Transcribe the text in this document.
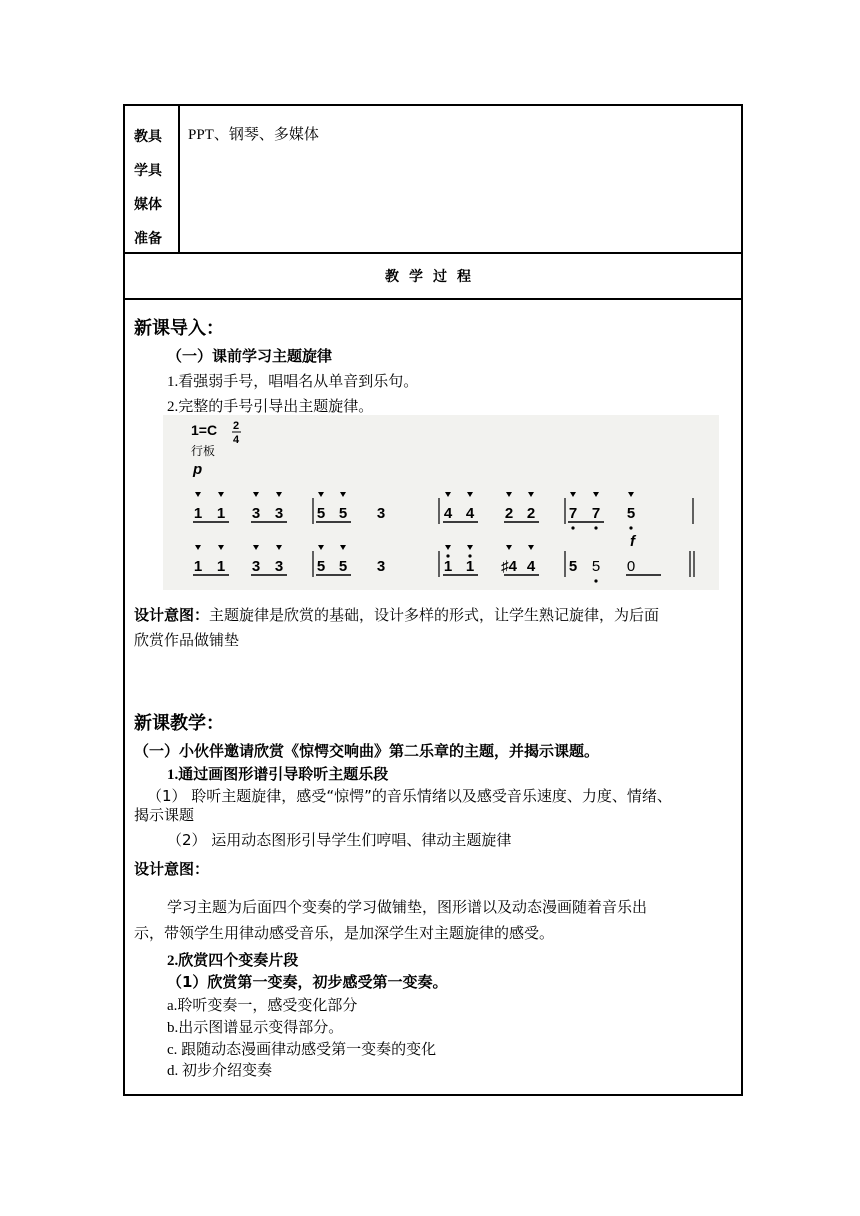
教具
学具
媒体
准备
PPT、钢琴、多媒体
教学过程
新课导入：
（一）课前学习主题旋律
1.看强弱手号，唱唱名从单音到乐句。
2.完整的手号引导出主题旋律。
1=C 2
4
行板
p
f
1 1 3 3 5 5 3	4 4 2 2 7 7 5
1 1 3 3 5 5 3	1 1 ♯4 4 5 5 0
设计意图：主题旋律是欣赏的基础，设计多样的形式，让学生熟记旋律，为后面
欣赏作品做铺垫
新课教学：
（一）小伙伴邀请欣赏《惊愕交响曲》第二乐章的主题，并揭示课题。
1.通过画图形谱引导聆听主题乐段
（1） 聆听主题旋律，感受“惊愕”的音乐情绪以及感受音乐速度、力度、情绪、
揭示课题
（2） 运用动态图形引导学生们哼唱、律动主题旋律
设计意图：
学习主题为后面四个变奏的学习做铺垫，图形谱以及动态漫画随着音乐出
示，带领学生用律动感受音乐，是加深学生对主题旋律的感受。
2.欣赏四个变奏片段
（1）欣赏第一变奏，初步感受第一变奏。
a.聆听变奏一，感受变化部分
b.出示图谱显示变得部分。
c. 跟随动态漫画律动感受第一变奏的变化
d. 初步介绍变奏
